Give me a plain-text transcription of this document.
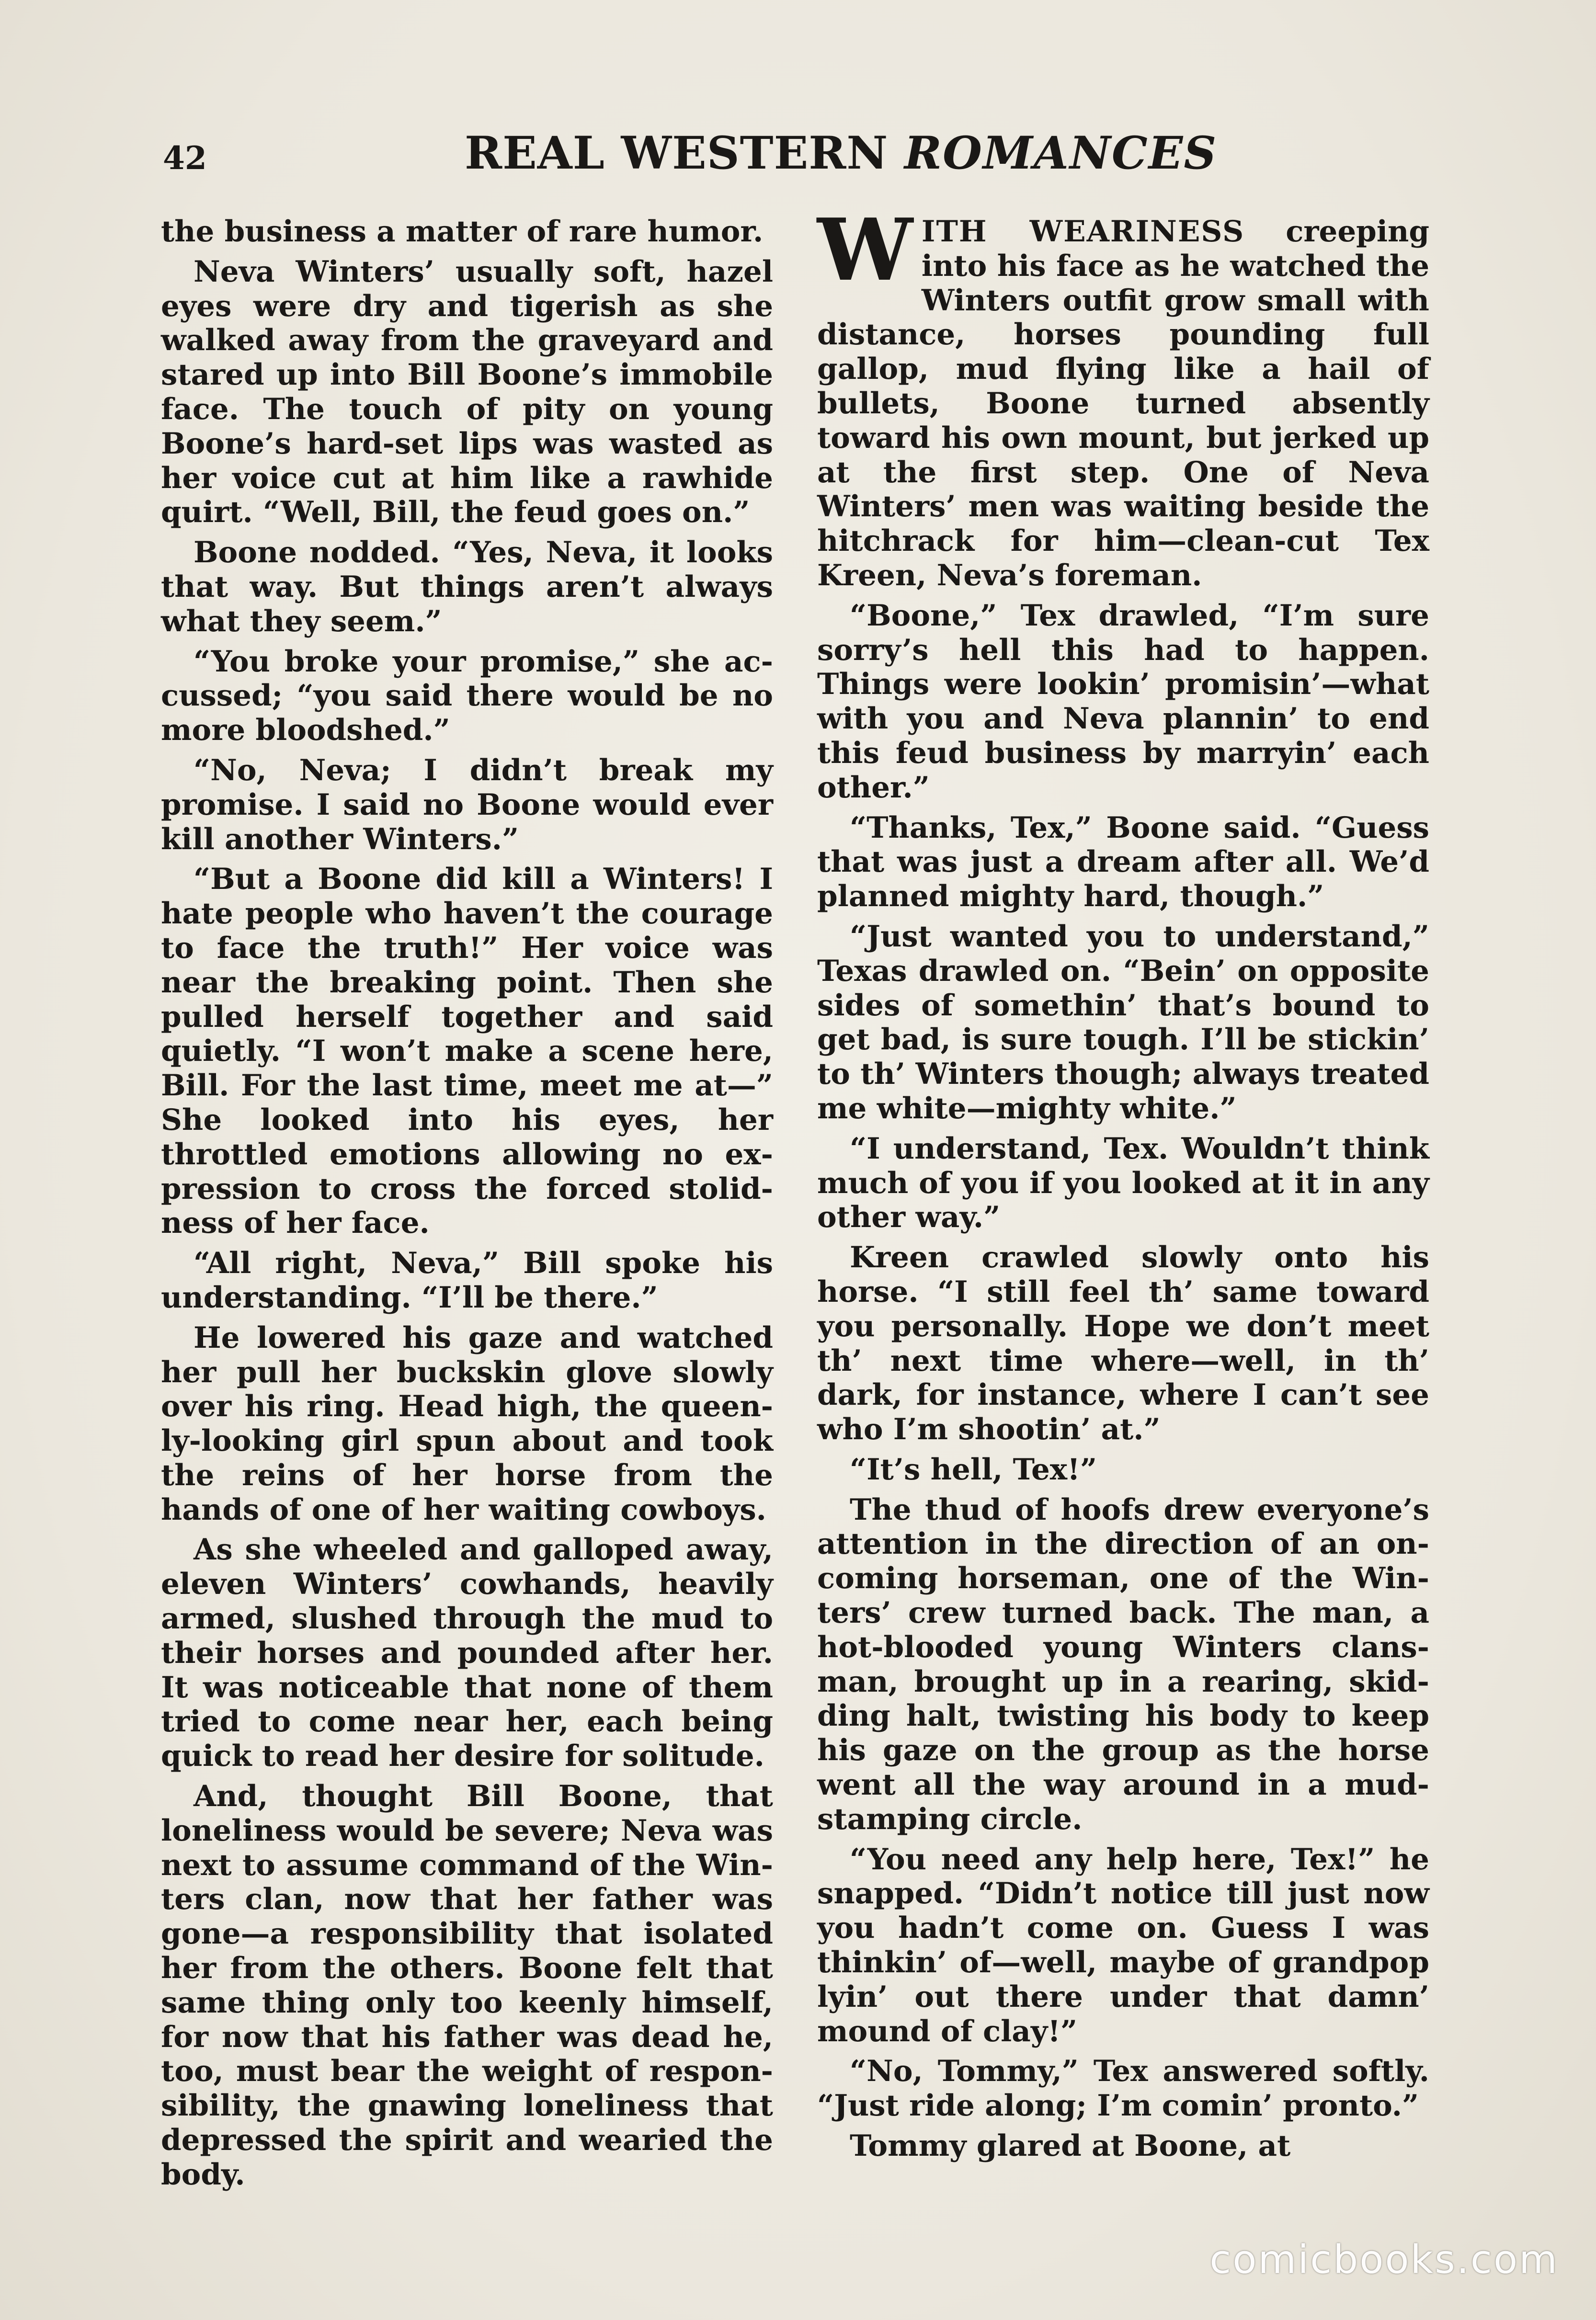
42	REAL WESTERN ROMANCES

the business a matter of rare humor.

Neva Winters’ usually soft, hazel eyes were dry and tigerish as she walked away from the graveyard and stared up into Bill Boone’s immobile face. The touch of pity on young Boone’s hard-set lips was wasted as her voice cut at him like a rawhide quirt. “Well, Bill, the feud goes on.”

Boone nodded. “Yes, Neva, it looks that way. But things aren’t always what they seem.”

“You broke your promise,” she accussed; “you said there would be no more bloodshed.”

“No, Neva; I didn’t break my promise. I said no Boone would ever kill another Winters.”

“But a Boone did kill a Winters! I hate people who haven’t the courage to face the truth!” Her voice was near the breaking point. Then she pulled herself together and said quietly. “I won’t make a scene here, Bill. For the last time, meet me at—” She looked into his eyes, her throttled emotions allowing no expression to cross the forced stolidness of her face.

“All right, Neva,” Bill spoke his understanding. “I’ll be there.”

He lowered his gaze and watched her pull her buckskin glove slowly over his ring. Head high, the queenly-looking girl spun about and took the reins of her horse from the hands of one of her waiting cowboys.

As she wheeled and galloped away, eleven Winters’ cowhands, heavily armed, slushed through the mud to their horses and pounded after her. It was noticeable that none of them tried to come near her, each being quick to read her desire for solitude.

And, thought Bill Boone, that loneliness would be severe; Neva was next to assume command of the Winters clan, now that her father was gone—a responsibility that isolated her from the others. Boone felt that same thing only too keenly himself, for now that his father was dead he, too, must bear the weight of responsibility, the gnawing loneliness that depressed the spirit and wearied the body.

WITH WEARINESS creeping into his face as he watched the Winters outfit grow small with distance, horses pounding full gallop, mud flying like a hail of bullets, Boone turned absently toward his own mount, but jerked up at the first step. One of Neva Winters’ men was waiting beside the hitchrack for him—clean-cut Tex Kreen, Neva’s foreman.

“Boone,” Tex drawled, “I’m sure sorry’s hell this had to happen. Things were lookin’ promisin’—what with you and Neva plannin’ to end this feud business by marryin’ each other.”

“Thanks, Tex,” Boone said. “Guess that was just a dream after all. We’d planned mighty hard, though.”

“Just wanted you to understand,” Texas drawled on. “Bein’ on opposite sides of somethin’ that’s bound to get bad, is sure tough. I’ll be stickin’ to th’ Winters though; always treated me white—mighty white.”

“I understand, Tex. Wouldn’t think much of you if you looked at it in any other way.”

Kreen crawled slowly onto his horse. “I still feel th’ same toward you personally. Hope we don’t meet th’ next time where—well, in th’ dark, for instance, where I can’t see who I’m shootin’ at.”

“It’s hell, Tex!”

The thud of hoofs drew everyone’s attention in the direction of an oncoming horseman, one of the Winters’ crew turned back. The man, a hot-blooded young Winters clansman, brought up in a rearing, skidding halt, twisting his body to keep his gaze on the group as the horse went all the way around in a mud-stamping circle.

“You need any help here, Tex!” he snapped. “Didn’t notice till just now you hadn’t come on. Guess I was thinkin’ of—well, maybe of grandpop lyin’ out there under that damn’ mound of clay!”

“No, Tommy,” Tex answered softly. “Just ride along; I’m comin’ pronto.”

Tommy glared at Boone, at

comicbooks.com
